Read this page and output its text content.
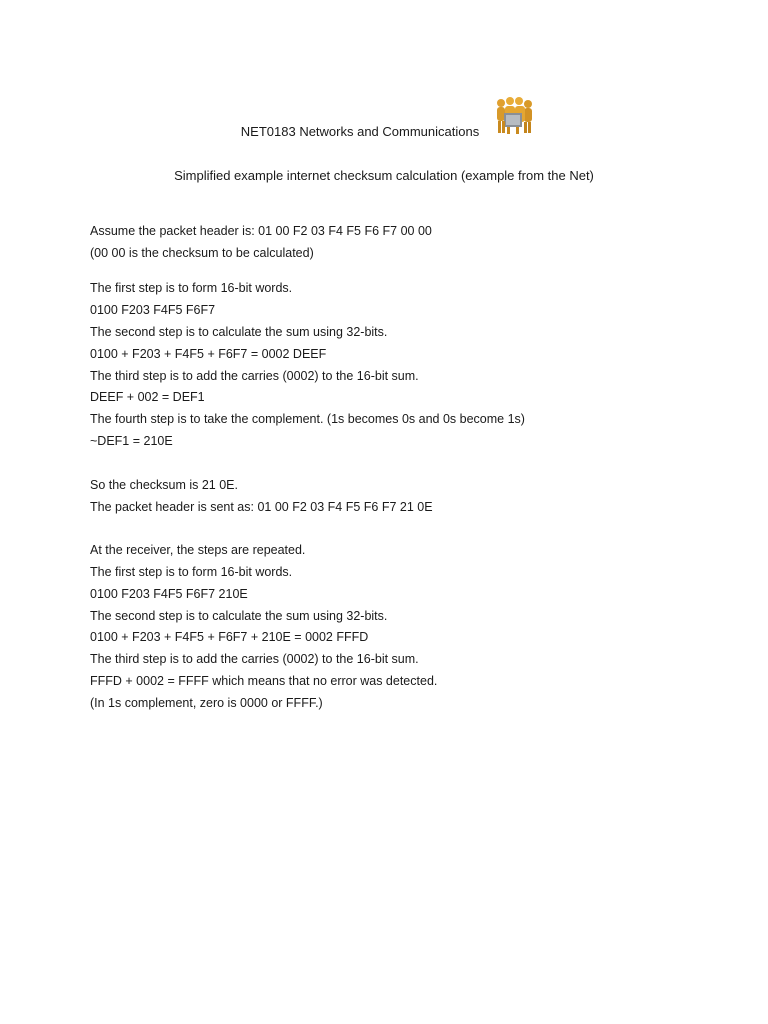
NET0183 Networks and Communications
Simplified example internet checksum calculation (example from the Net)
Assume the packet header is: 01 00 F2 03 F4 F5 F6 F7 00 00
(00 00 is the checksum to be calculated)
The first step is to form 16-bit words.
0100 F203 F4F5 F6F7
The second step is to calculate the sum using 32-bits.
0100 + F203 + F4F5 + F6F7 = 0002 DEEF
The third step is to add the carries (0002) to the 16-bit sum.
DEEF + 002 = DEF1
The fourth step is to take the complement. (1s becomes 0s and 0s become 1s)
~DEF1 = 210E
So the checksum is 21 0E.
The packet header is sent as: 01 00 F2 03 F4 F5 F6 F7 21 0E
At the receiver, the steps are repeated.
The first step is to form 16-bit words.
0100 F203 F4F5 F6F7 210E
The second step is to calculate the sum using 32-bits.
0100 + F203 + F4F5 + F6F7 + 210E = 0002 FFFD
The third step is to add the carries (0002) to the 16-bit sum.
FFFD + 0002 = FFFF which means that no error was detected.
(In 1s complement, zero is 0000 or FFFF.)
